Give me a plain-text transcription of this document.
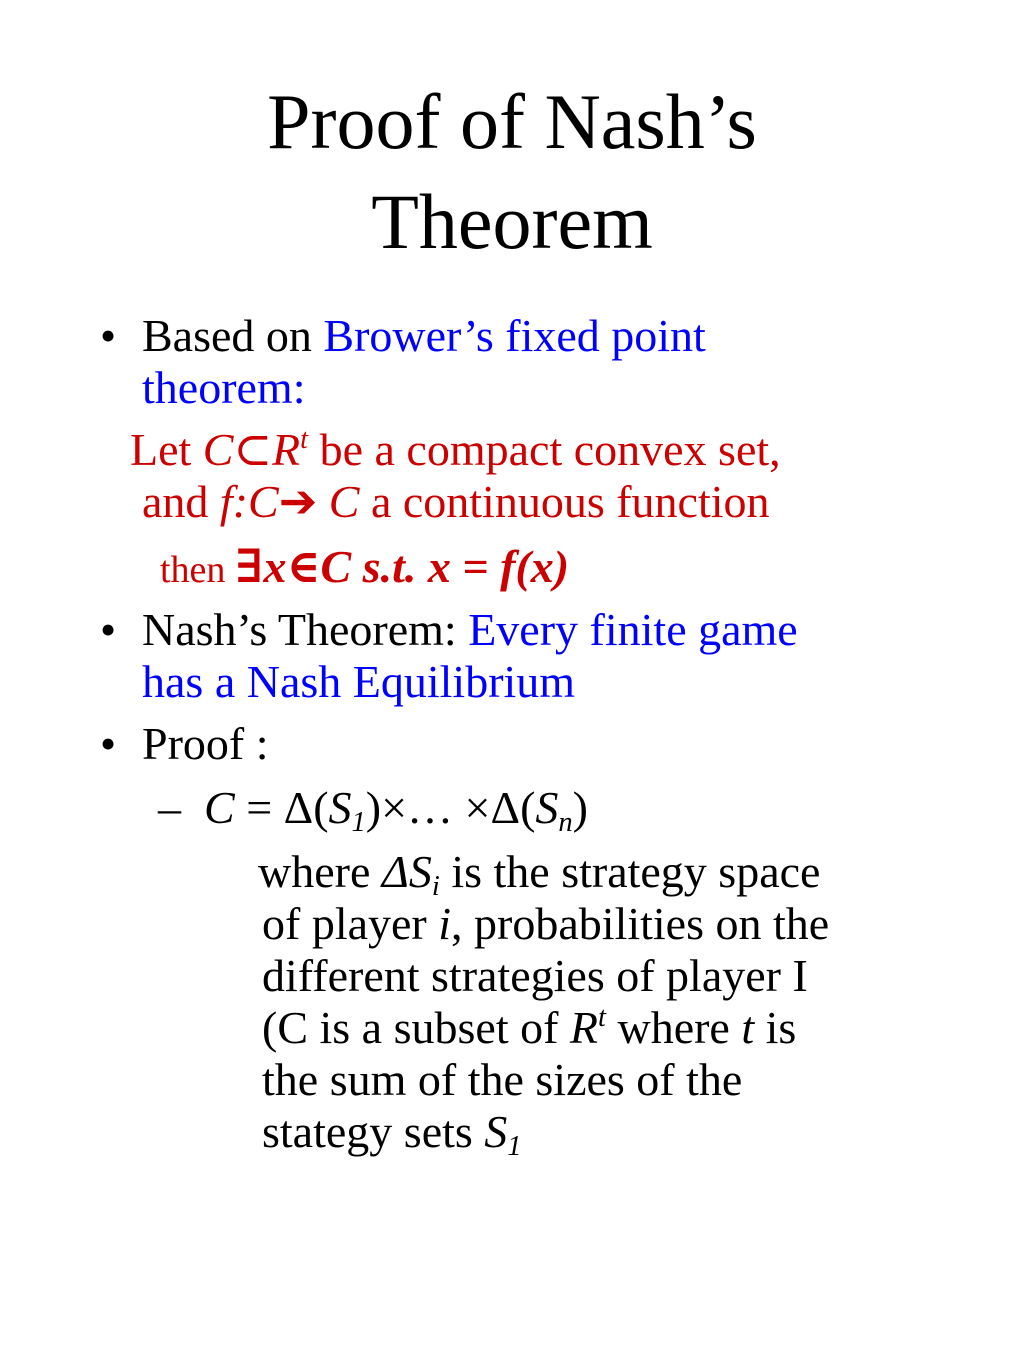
Proof of Nash’s
Theorem
• Based on Brower’s fixed point
theorem:
Let $C\subset R^t$ be a compact convex set,
and f:C➔ C a continuous function
then ∃x∈C s.t. x = f(x)
• Nash’s Theorem: Every finite game
has a Nash Equilibrium
• Proof :
– $C = \Delta(S_1)\times\dots \times\Delta(S_n)$
where $\Delta S_i$ is the strategy space
of player i, probabilities on the
different strategies of player I
(C is a subset of $R^t$ where t is
the sum of the sizes of the
stategy sets $S_1$
